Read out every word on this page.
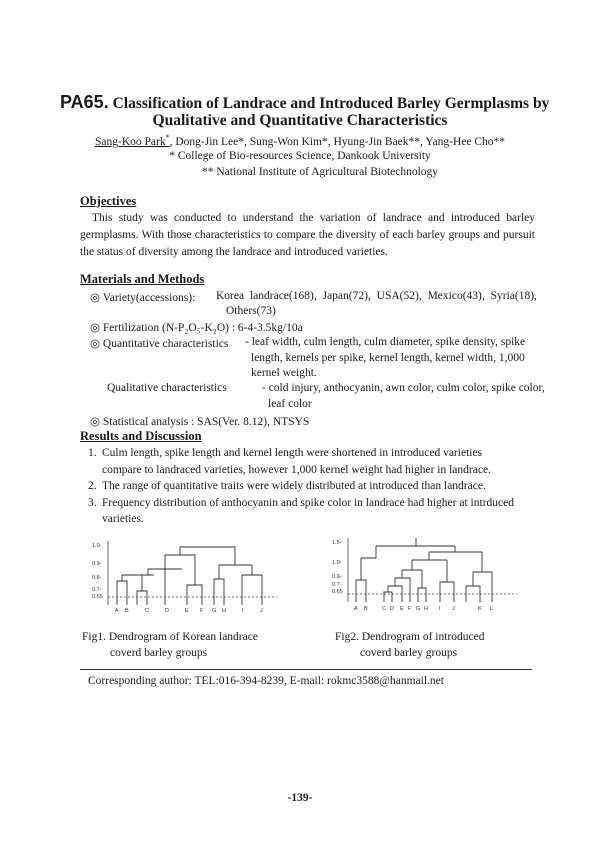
PA65. Classification of Landrace and Introduced Barley Germplasms by
Qualitative and Quantitative Characteristics
Sang-Koo Park*, Dong-Jin Lee*, Sung-Won Kim*, Hyung-Jin Baek**, Yang-Hee Cho**
* College of Bio-resources Science, Dankook University
** National Institute of Agricultural Biotechnology
Objectives
This study was conducted to understand the variation of landrace and introduced barley germplasms. With those characteristics to compare the diversity of each barley groups and pursuit the status of diversity among the landrace and introduced varieties.
Materials and Methods
◎ Variety(accessions): Korea landrace(168), Japan(72), USA(52), Mexico(43), Syria(18),
Others(73)
◎ Fertilization (N-P₂O₅-K₂O) : 6-4-3.5kg/10a
◎ Quantitative characteristics - leaf width, culm length, culm diameter, spike density, spike
length, kernels per spike, kernel length, kernel width, 1,000
kernel weight.
Qualitative characteristics	- cold injury, anthocyanin, awn color, culm color, spike color,
leaf color
◎ Statistical analysis : SAS(Ver. 8.12), NTSYS
Results and Discussion
1. Culm length, spike length and kernel length were shortened in introduced varieties
compare to landraced varieties, however 1,000 kernel weight had higher in landrace.
2. The range of quantitative traits were widely distributed at introduced than landrace.
3. Frequency distribution of anthocyanin and spike color in landrace had higher at intrduced
varieties.
1.0-
0.9-
0.8-
0.7-
0.65
A B	C	D	E F G H	I	J
1.5-
1.0-
0.9-
0.7-
0.65
A B	C D E F G H I J	K L
Fig1. Dendrogram of Korean landrace
coverd barley groups
Fig2. Dendrogram of introduced
coverd barley groups
Corresponding author: TEL:016-394-8239, E-mail: rokmc3588@hanmail.net
-139-
